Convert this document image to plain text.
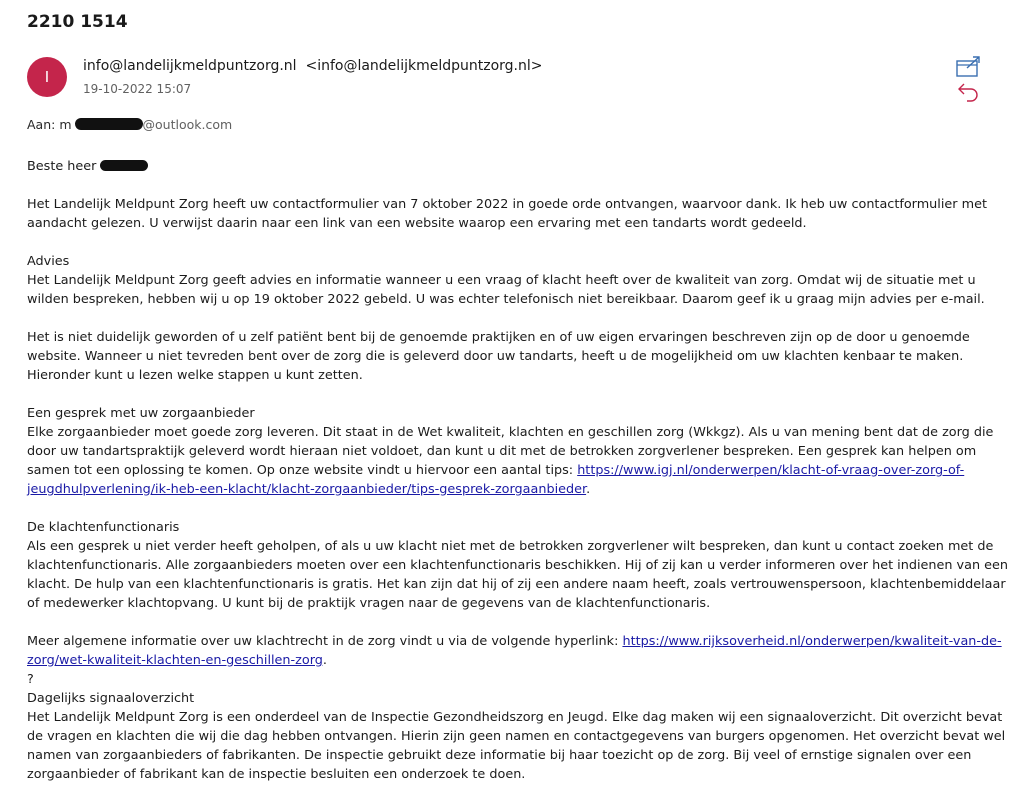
2210 1514
I
info@landelijkmeldpuntzorg.nl <info@landelijkmeldpuntzorg.nl>
19-10-2022 15:07
Aan: m	@outlook.com

Beste heer

Het Landelijk Meldpunt Zorg heeft uw contactformulier van 7 oktober 2022 in goede orde ontvangen, waarvoor dank. Ik heb uw contactformulier met aandacht gelezen. U verwijst daarin naar een link van een website waarop een ervaring met een tandarts wordt gedeeld.

Advies

Het Landelijk Meldpunt Zorg geeft advies en informatie wanneer u een vraag of klacht heeft over de kwaliteit van zorg. Omdat wij de situatie met u wilden bespreken, hebben wij u op 19 oktober 2022 gebeld. U was echter telefonisch niet bereikbaar. Daarom geef ik u graag mijn advies per e-mail.

Het is niet duidelijk geworden of u zelf patiënt bent bij de genoemde praktijken en of uw eigen ervaringen beschreven zijn op de door u genoemde website. Wanneer u niet tevreden bent over de zorg die is geleverd door uw tandarts, heeft u de mogelijkheid om uw klachten kenbaar te maken. Hieronder kunt u lezen welke stappen u kunt zetten.

Een gesprek met uw zorgaanbieder

Elke zorgaanbieder moet goede zorg leveren. Dit staat in de Wet kwaliteit, klachten en geschillen zorg (Wkkgz). Als u van mening bent dat de zorg die door uw tandartspraktijk geleverd wordt hieraan niet voldoet, dan kunt u dit met de betrokken zorgverlener bespreken. Een gesprek kan helpen om samen tot een oplossing te komen. Op onze website vindt u hiervoor een aantal tips: https://www.igj.nl/onderwerpen/klacht-of-vraag-over-zorg-of-jeugdhulpverlening/ik-heb-een-klacht/klacht-zorgaanbieder/tips-gesprek-zorgaanbieder.

De klachtenfunctionaris

Als een gesprek u niet verder heeft geholpen, of als u uw klacht niet met de betrokken zorgverlener wilt bespreken, dan kunt u contact zoeken met de klachtenfunctionaris. Alle zorgaanbieders moeten over een klachtenfunctionaris beschikken. Hij of zij kan u verder informeren over het indienen van een klacht. De hulp van een klachtenfunctionaris is gratis. Het kan zijn dat hij of zij een andere naam heeft, zoals vertrouwenspersoon, klachtenbemiddelaar of medewerker klachtopvang. U kunt bij de praktijk vragen naar de gegevens van de klachtenfunctionaris.

Meer algemene informatie over uw klachtrecht in de zorg vindt u via de volgende hyperlink: https://www.rijksoverheid.nl/onderwerpen/kwaliteit-van-de-zorg/wet-kwaliteit-klachten-en-geschillen-zorg.

?

Dagelijks signaaloverzicht

Het Landelijk Meldpunt Zorg is een onderdeel van de Inspectie Gezondheidszorg en Jeugd. Elke dag maken wij een signaaloverzicht. Dit overzicht bevat de vragen en klachten die wij die dag hebben ontvangen. Hierin zijn geen namen en contactgegevens van burgers opgenomen. Het overzicht bevat wel namen van zorgaanbieders of fabrikanten. De inspectie gebruikt deze informatie bij haar toezicht op de zorg. Bij veel of ernstige signalen over een zorgaanbieder of fabrikant kan de inspectie besluiten een onderzoek te doen.
